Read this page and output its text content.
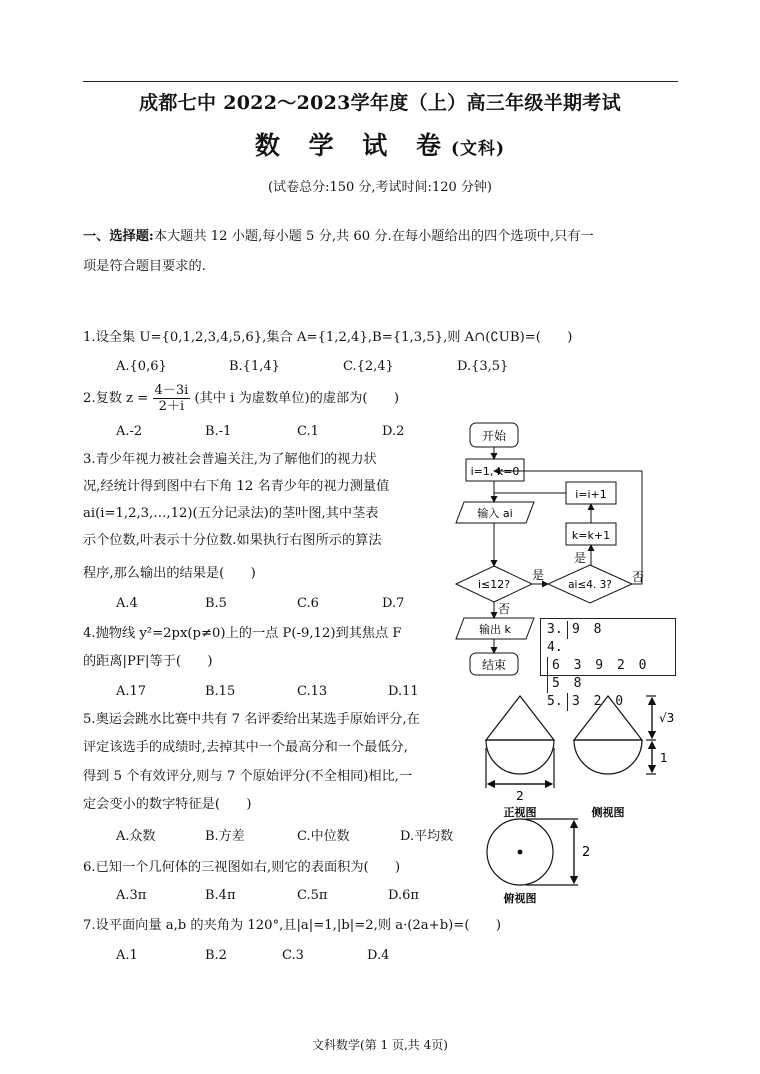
成都七中 2022～2023学年度（上）高三年级半期考试
数 学 试 卷(文科)
(试卷总分:150 分,考试时间:120 分钟)
一、选择题:本大题共 12 小题,每小题 5 分,共 60 分.在每小题给出的四个选项中,只有一
项是符合题目要求的.
1.设全集 U={0,1,2,3,4,5,6},集合 A={1,2,4},B={1,3,5},则 A∩(∁UB)=(　　)
A.{0,6}	B.{1,4}	C.{2,4}	D.{3,5}
2.复数 $z = \frac{4-3i}{2+i}$ (其中 i 为虚数单位)的虚部为(　　)
A.-2	B.-1	C.1	D.2
3.青少年视力被社会普遍关注,为了解他们的视力状
况,经统计得到图中右下角 12 名青少年的视力测量值
ai(i=1,2,3,…,12)(五分记录法)的茎叶图,其中茎表
示个位数,叶表示十分位数.如果执行右图所示的算法
程序,那么输出的结果是(　　)
A.4	B.5	C.6	D.7
4.抛物线 y²=2px(p≠0)上的一点 P(-9,12)到其焦点 F
的距离|PF|等于(　　)
A.17	B.15	C.13	D.11
5.奥运会跳水比赛中共有 7 名评委给出某选手原始评分,在
评定该选手的成绩时,去掉其中一个最高分和一个最低分,
得到 5 个有效评分,则与 7 个原始评分(不全相同)相比,一
定会变小的数字特征是(　　)
A.众数	B.方差	C.中位数	D.平均数
6.已知一个几何体的三视图如右,则它的表面积为(　　)
A.3π	B.4π	C.5π	D.6π
7.设平面向量 a,b 的夹角为 120°,且|a|=1,|b|=2,则 a·(2a+b)=(　　)
A.1	B.2	C.3	D.4
开始
i=1, k=0
输入 ai
i≤12?	ai≤4. 3?
k=k+1
i=i+1
输出 k
结束
是
否
是
否
3. 9 8
4.6 3 9 2 0 5 8
5. 3 2 0
2
正视图	侧视图
√3
1
2
俯视图
文科数学(第 1 页,共 4页)
